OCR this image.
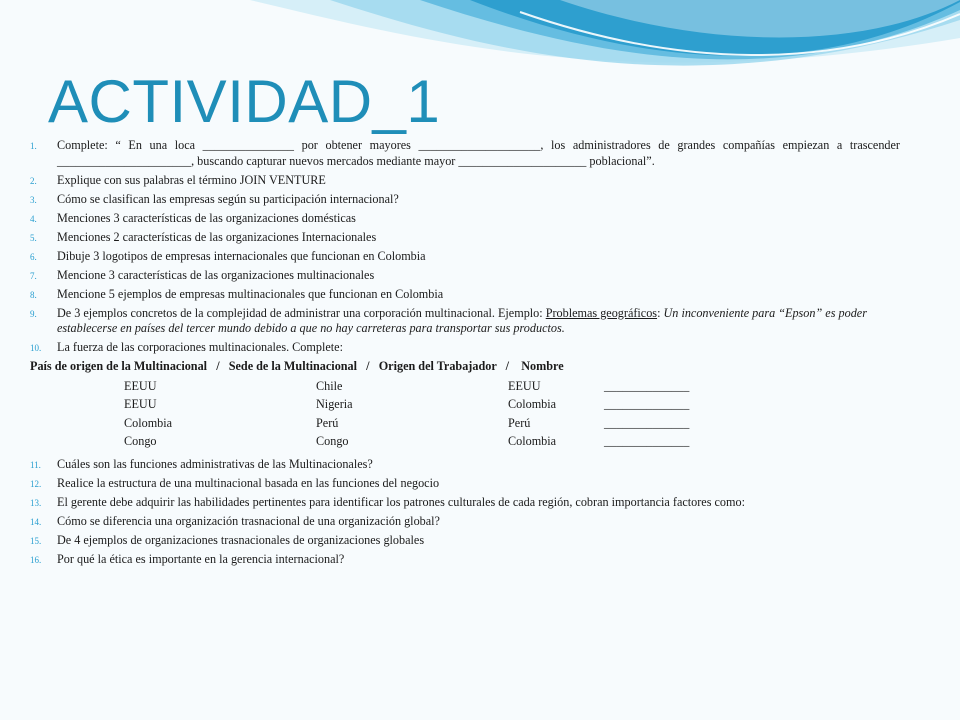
ACTIVIDAD_1
1.	Complete: “ En una loca _______________ por obtener mayores ____________________, los administradores de grandes compañías empiezan a trascender ______________________, buscando capturar nuevos mercados mediante mayor _____________________ poblacional”.
2.	Explique con sus palabras el término JOIN VENTURE
3.	Cómo se clasifican las empresas según su participación internacional?
4.	Menciones 3 características de las organizaciones domésticas
5.	Menciones 2 características de las organizaciones Internacionales
6.	Dibuje 3 logotipos de empresas internacionales que funcionan en Colombia
7.	Mencione 3 características de las organizaciones multinacionales
8.	Mencione 5 ejemplos de empresas multinacionales que funcionan en Colombia
9.	De 3 ejemplos concretos de la complejidad de administrar una corporación multinacional. Ejemplo: Problemas geográficos: Un inconveniente para “Epson” es poder establecerse en países del tercer mundo debido a que no hay carreteras para transportar sus productos.
10.	La fuerza de las corporaciones multinacionales. Complete:
País de origen de la Multinacional   /   Sede de la Multinacional   /   Origen del Trabajador   /    Nombre
EEUU	Chile	EEUU	______________
EEUU	Nigeria	Colombia	______________
Colombia	Perú	Perú	______________
Congo	Congo	Colombia	______________
11.	Cuáles son las funciones administrativas de las Multinacionales?
12.	Realice la estructura de una multinacional basada en las funciones del negocio
13.	El gerente debe adquirir las habilidades pertinentes para identificar los patrones culturales de cada región, cobran importancia factores como:
14.	Cómo se diferencia una organización trasnacional de una organización global?
15.	De 4 ejemplos de organizaciones trasnacionales de organizaciones globales
16.	Por qué la ética es importante en la gerencia internacional?
